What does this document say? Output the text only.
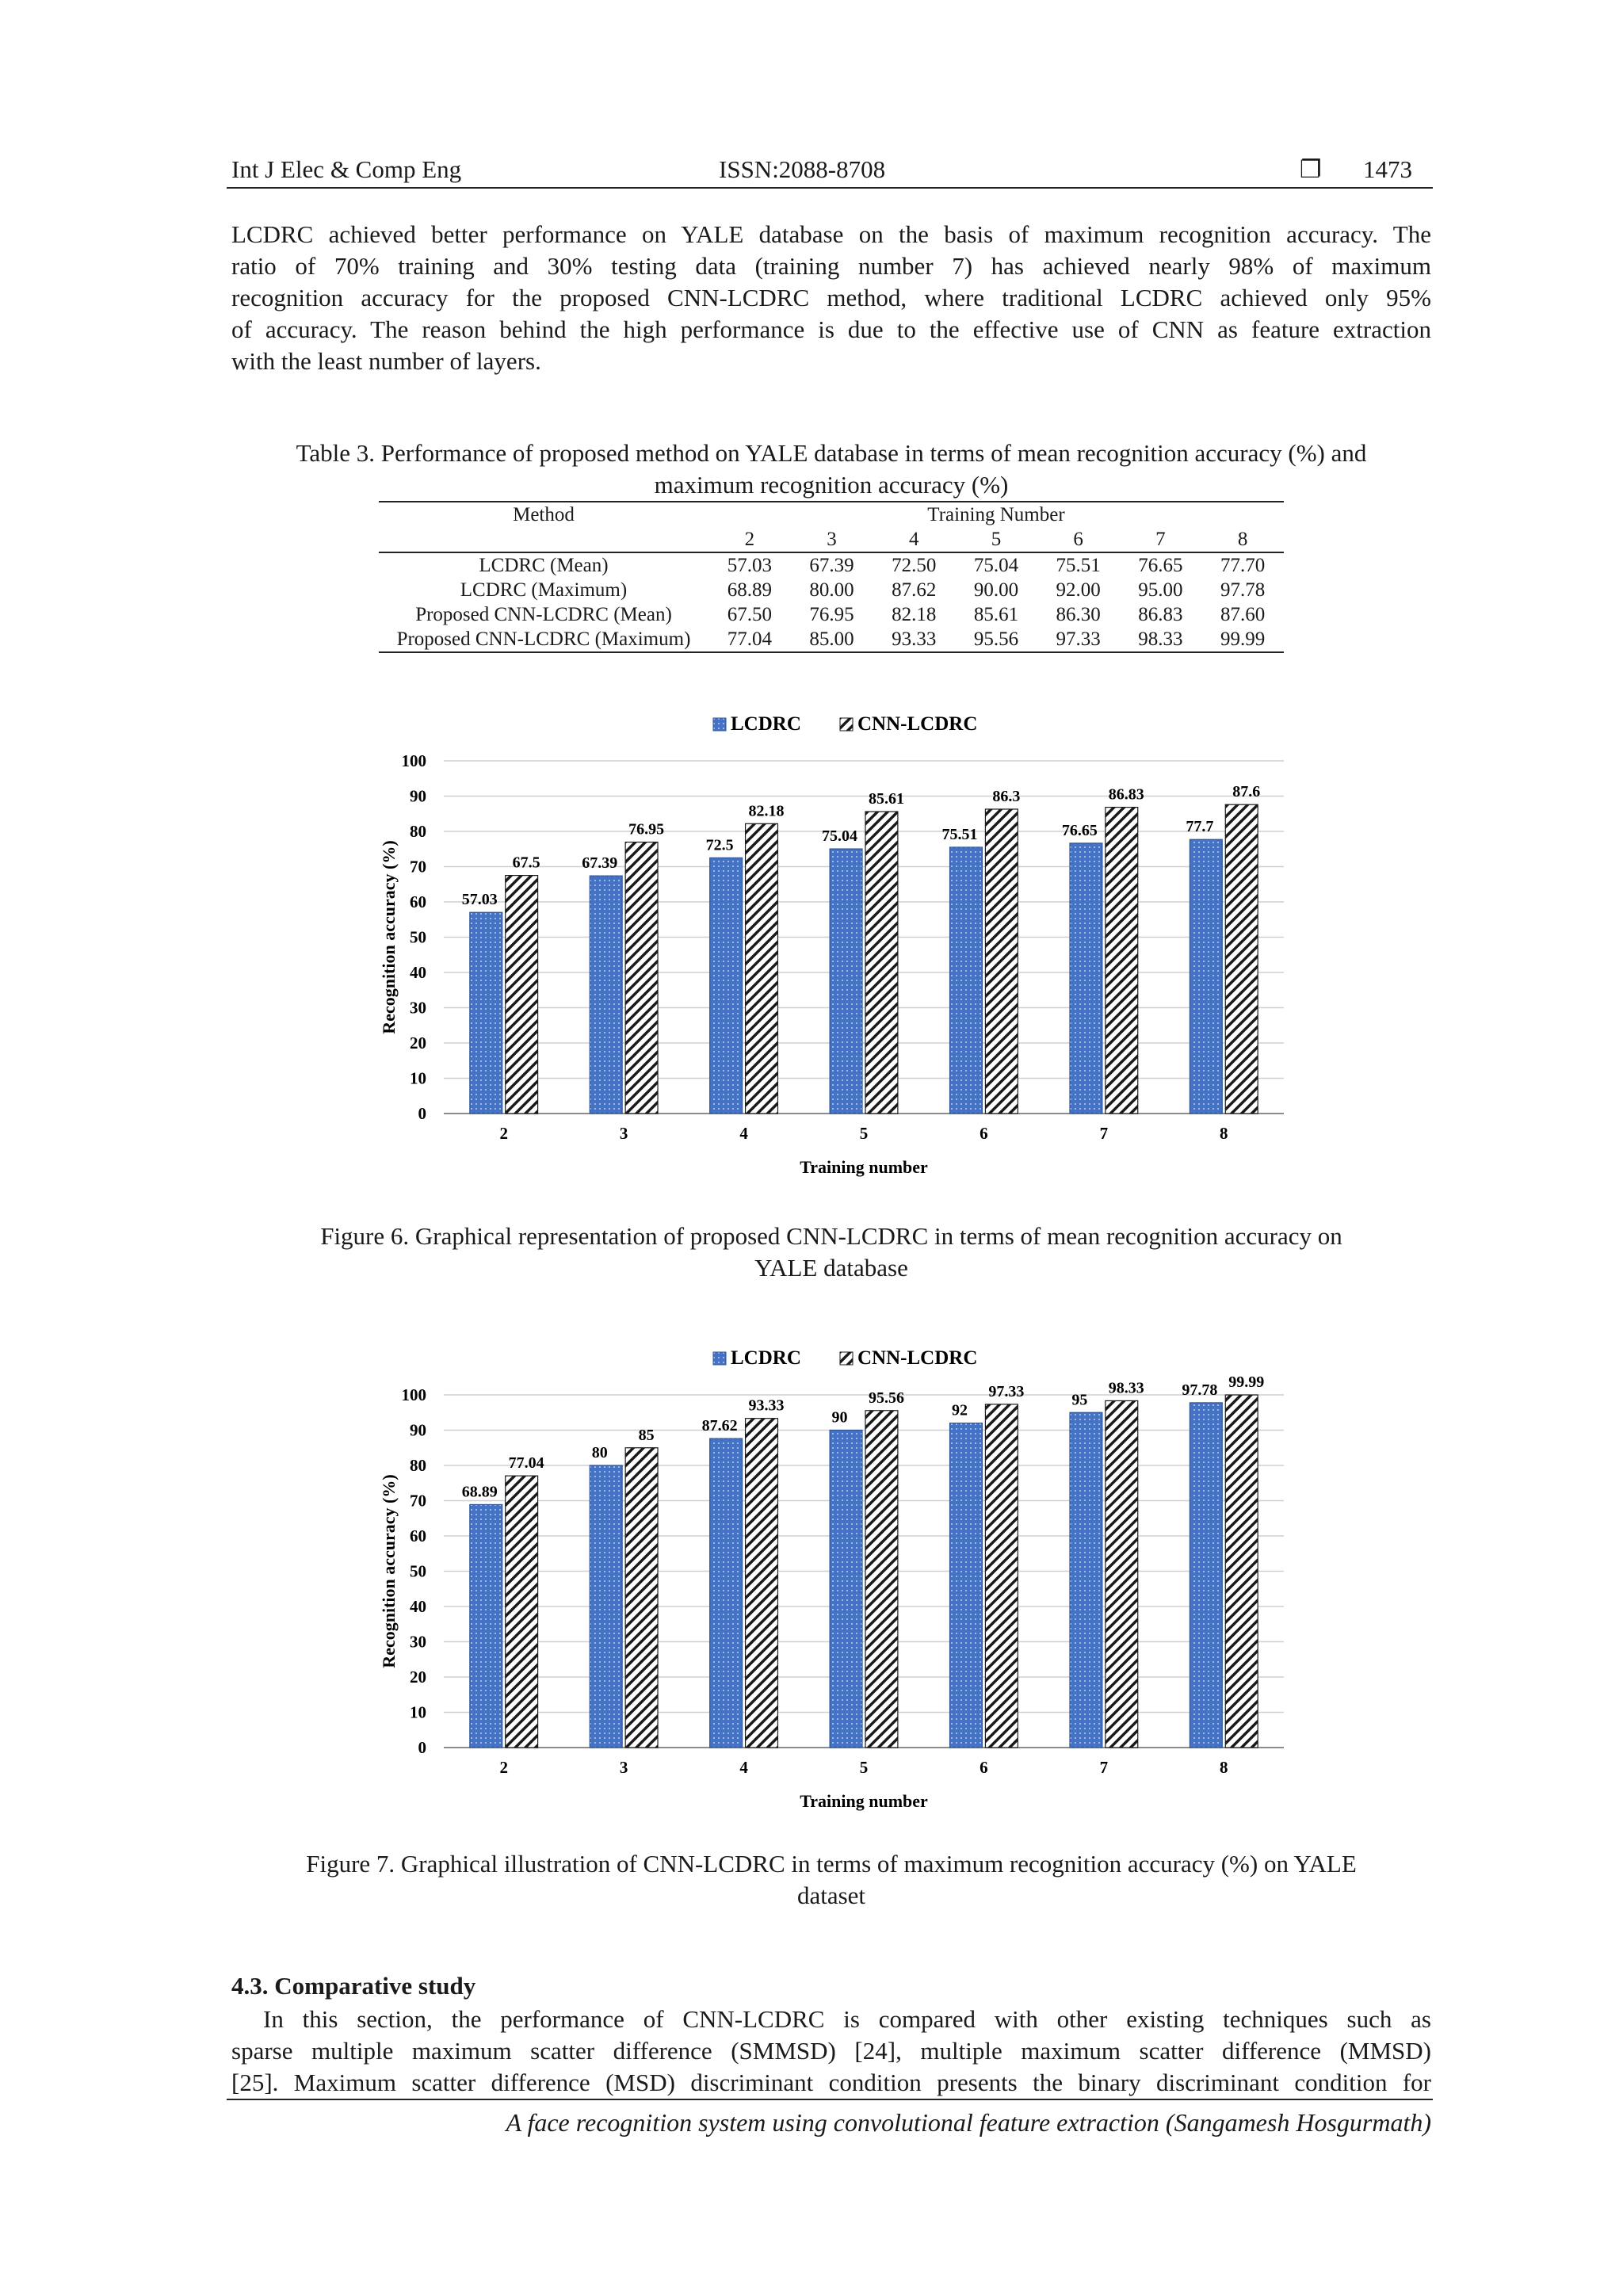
Int J Elec & Comp Eng	ISSN:2088-8708	❐ 1473
LCDRC achieved better performance on YALE database on the basis of maximum recognition accuracy. The
ratio of 70% training and 30% testing data (training number 7) has achieved nearly 98% of maximum
recognition accuracy for the proposed CNN-LCDRC method, where traditional LCDRC achieved only 95%
of accuracy. The reason behind the high performance is due to the effective use of CNN as feature extraction
with the least number of layers.
Table 3. Performance of proposed method on YALE database in terms of mean recognition accuracy (%) and
maximum recognition accuracy (%)
Method	Training Number						
	2	3	4	5	6	7	8
LCDRC (Mean)	57.03	67.39	72.50	75.04	75.51	76.65	77.70
LCDRC (Maximum)	68.89	80.00	87.62	90.00	92.00	95.00	97.78
Proposed CNN-LCDRC (Mean)	67.50	76.95	82.18	85.61	86.30	86.83	87.60
Proposed CNN-LCDRC (Maximum)	77.04	85.00	93.33	95.56	97.33	98.33	99.99
0
10
20
30
40
50
60
70
80
90
100
57.03
67.5
2
67.39
76.95
3
72.5
82.18
4
75.04
85.61
5
75.51
86.3
6
76.65
86.83
7
77.7
87.6
8
Training number
Recognition accuracy (%)
LCDRC	CNN-LCDRC
Figure 6. Graphical representation of proposed CNN-LCDRC in terms of mean recognition accuracy on
YALE database
0
10
20
30
40
50
60
70
80
90
100
68.89
77.04
2
80
85
3
87.62
93.33
4
90
95.56
5
92
97.33
6
95
98.33
7
97.78 99.99
8
Training number
Recognition accuracy (%)
LCDRC	CNN-LCDRC
Figure 7. Graphical illustration of CNN-LCDRC in terms of maximum recognition accuracy (%) on YALE
dataset
4.3. Comparative study
In this section, the performance of CNN-LCDRC is compared with other existing techniques such as
sparse multiple maximum scatter difference (SMMSD) [24], multiple maximum scatter difference (MMSD)
[25]. Maximum scatter difference (MSD) discriminant condition presents the binary discriminant condition for
A face recognition system using convolutional feature extraction (Sangamesh Hosgurmath)
